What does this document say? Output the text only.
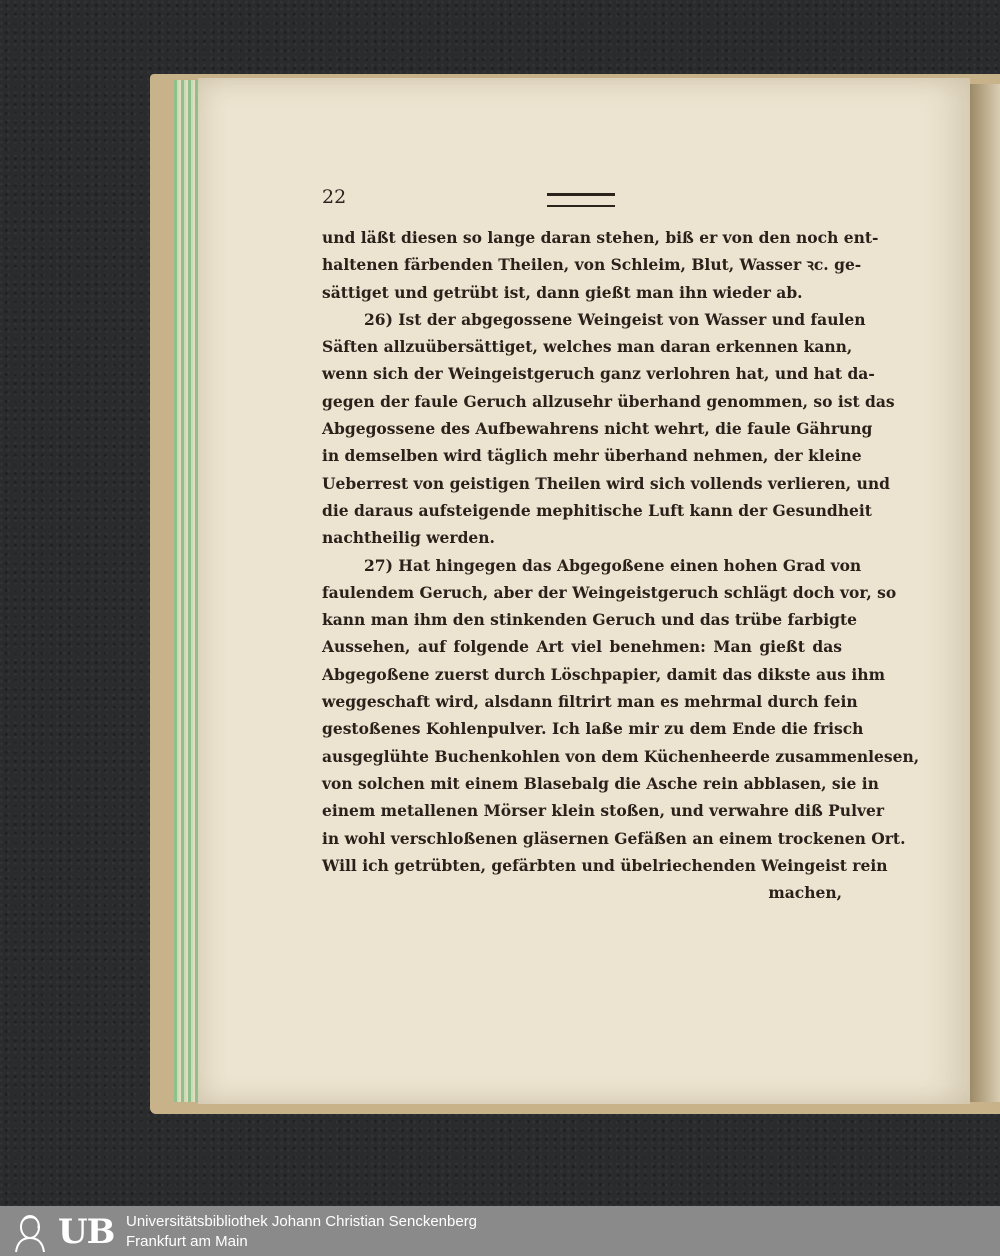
22
und läßt diesen so lange daran stehen, biß er von den noch ent-
haltenen färbenden Theilen, von Schleim, Blut, Wasser ꝛc. ge-
sättiget und getrübt ist, dann gießt man ihn wieder ab.
26) Ist der abgegossene Weingeist von Wasser und faulen
Säften allzuübersättiget, welches man daran erkennen kann,
wenn sich der Weingeistgeruch ganz verlohren hat, und hat da-
gegen der faule Geruch allzusehr überhand genommen, so ist das
Abgegossene des Aufbewahrens nicht wehrt, die faule Gährung
in demselben wird täglich mehr überhand nehmen, der kleine
Ueberrest von geistigen Theilen wird sich vollends verlieren, und
die daraus aufsteigende mephitische Luft kann der Gesundheit
nachtheilig werden.
27) Hat hingegen das Abgegoßene einen hohen Grad von
faulendem Geruch, aber der Weingeistgeruch schlägt doch vor, so
kann man ihm den stinkenden Geruch und das trübe farbigte
Aussehen, auf folgende Art viel benehmen: Man gießt das
Abgegoßene zuerst durch Löschpapier, damit das dikste aus ihm
weggeschaft wird, alsdann filtrirt man es mehrmal durch fein
gestoßenes Kohlenpulver. Ich laße mir zu dem Ende die frisch
ausgeglühte Buchenkohlen von dem Küchenheerde zusammenlesen,
von solchen mit einem Blasebalg die Asche rein abblasen, sie in
einem metallenen Mörser klein stoßen, und verwahre diß Pulver
in wohl verschloßenen gläsernen Gefäßen an einem trockenen Ort.
Will ich getrübten, gefärbten und übelriechenden Weingeist rein
machen,
UB Universitätsbibliothek Johann Christian Senckenberg
Frankfurt am Main
